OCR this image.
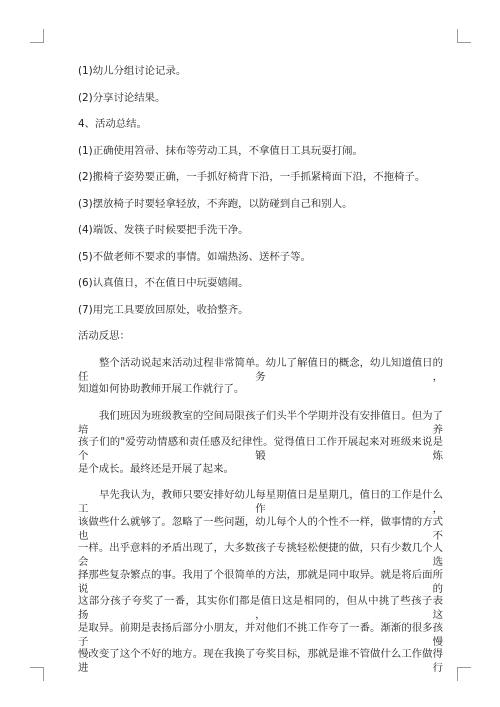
(1)幼儿分组讨论记录。
(2)分享讨论结果。
4、活动总结。
(1)正确使用笤帚、抹布等劳动工具，不拿值日工具玩耍打闹。
(2)搬椅子姿势要正确，一手抓好椅背下沿，一手抓紧椅面下沿，不拖椅子。
(3)摆放椅子时要轻拿轻放，不奔跑，以防碰到自己和别人。
(4)端饭、发筷子时候要把手洗干净。
(5)不做老师不要求的事情。如端热汤、送杯子等。
(6)认真值日，不在值日中玩耍嬉闹。
(7)用完工具要放回原处，收拾整齐。
活动反思：
整个活动说起来活动过程非常简单。幼儿了解值日的概念，幼儿知道值日的任务，
知道如何协助教师开展工作就行了。
我们班因为班级教室的空间局限孩子们头半个学期并没有安排值日。但为了培养
孩子们的"爱劳动情感和责任感及纪律性。觉得值日工作开展起来对班级来说是个锻炼
是个成长。最终还是开展了起来。
早先我认为，教师只要安排好幼儿每星期值日是星期几，值日的工作是什么工作，
该做些什么就够了。忽略了一些问题，幼儿每个人的个性不一样，做事情的方式也不
一样。出乎意料的矛盾出现了，大多数孩子专挑轻松便捷的做，只有少数几个人会选
择那些复杂繁点的事。我用了个很简单的方法，那就是同中取异。就是将后面所说的
这部分孩子夸奖了一番，其实你们都是值日这是相同的，但从中挑了些孩子表扬，这
是取异。前期是表扬后部分小朋友，并对他们不挑工作夸了一番。渐渐的很多孩子慢
慢改变了这个不好的地方。现在我换了夸奖目标，那就是谁不管做什么工作做得进行
